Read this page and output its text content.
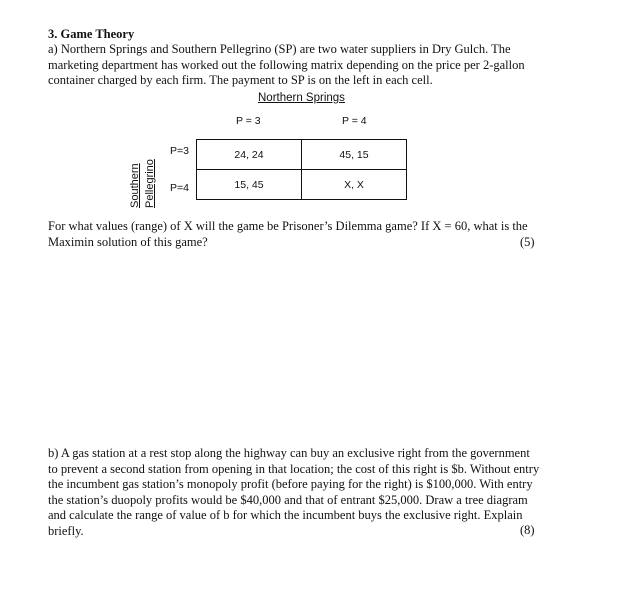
3. Game Theory
a) Northern Springs and Southern Pellegrino (SP) are two water suppliers in Dry Gulch. The
marketing department has worked out the following matrix depending on the price per 2-gallon
container charged by each firm. The payment to SP is on the left in each cell.
Northern Springs
P = 3	P = 4
P=3
P=4
Southern Pellegrino
24, 24	45, 15
15, 45	X, X
For what values (range) of X will the game be Prisoner’s Dilemma game? If X = 60, what is the
Maximin solution of this game?	(5)
b) A gas station at a rest stop along the highway can buy an exclusive right from the government
to prevent a second station from opening in that location; the cost of this right is $b. Without entry
the incumbent gas station’s monopoly profit (before paying for the right) is $100,000. With entry
the station’s duopoly profits would be $40,000 and that of entrant $25,000. Draw a tree diagram
and calculate the range of value of b for which the incumbent buys the exclusive right. Explain
briefly.	(8)
